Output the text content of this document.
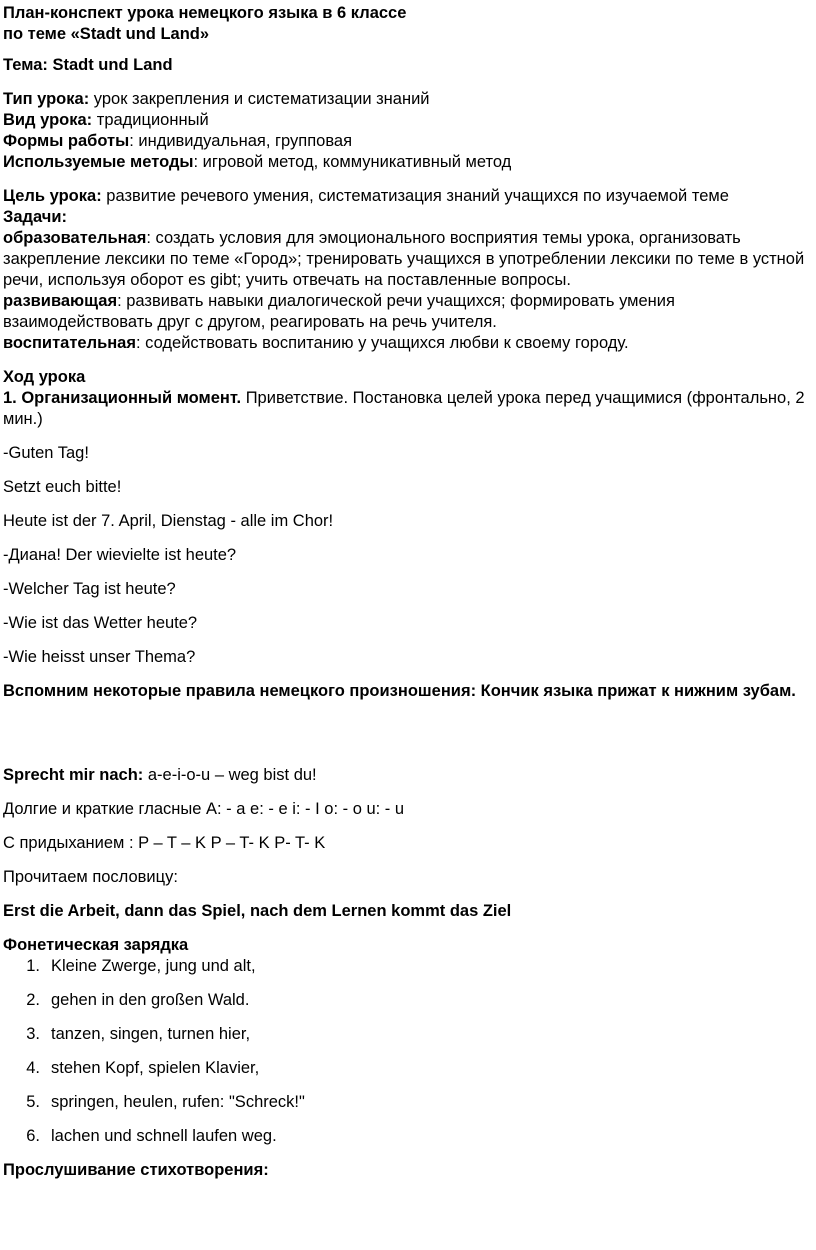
План-конспект урока немецкого языка в 6 классе
по теме «Stadt und Land»

Тема: Stadt und Land

Тип урока: урок закрепления и систематизации знаний

Вид урока: традиционный

Формы работы: индивидуальная, групповая

Используемые методы: игровой метод, коммуникативный метод

Цель урока: развитие речевого умения, систематизация знаний учащихся по изучаемой теме

Задачи:

образовательная: создать условия для эмоционального восприятия темы урока, организовать закрепление лексики по теме «Город»; тренировать учащихся в употреблении лексики по теме в устной речи, используя оборот es gibt; учить отвечать на поставленные вопросы.

развивающая: развивать навыки диалогической речи учащихся; формировать умения взаимодействовать друг с другом, реагировать на речь учителя.

воспитательная: содействовать воспитанию у учащихся любви к своему городу.

Ход урока

1. Организационный момент. Приветствие. Постановка целей урока перед учащимися (фронтально, 2 мин.)

-Guten Tag!

Setzt euch bitte!

Heute ist der 7. April, Dienstag - alle im Chor!

-Диана! Der wievielte ist heute?

-Welcher Tag ist heute?

-Wie ist das Wetter heute?

-Wie heisst unser Thema?

Вспомним некоторые правила немецкого произношения: Кончик языка прижат к нижним зубам.

Sprecht mir nach: a-e-i-o-u – weg bist du!

Долгие и краткие гласные А: - а е: - е i: - I o: - o u: - u

С придыханием : P – T – K P – T- K P- T- K

Прочитаем пословицу:

Erst die Arbeit, dann das Spiel, nach dem Lernen kommt das Ziel

Фонетическая зарядка

1. Kleine Zwerge, jung und alt,
2. gehen in den großen Wald.
3. tanzen, singen, turnen hier,
4. stehen Kopf, spielen Klavier,
5. springen, heulen, rufen: "Schreck!"
6. lachen und schnell laufen weg.

Прослушивание стихотворения:
